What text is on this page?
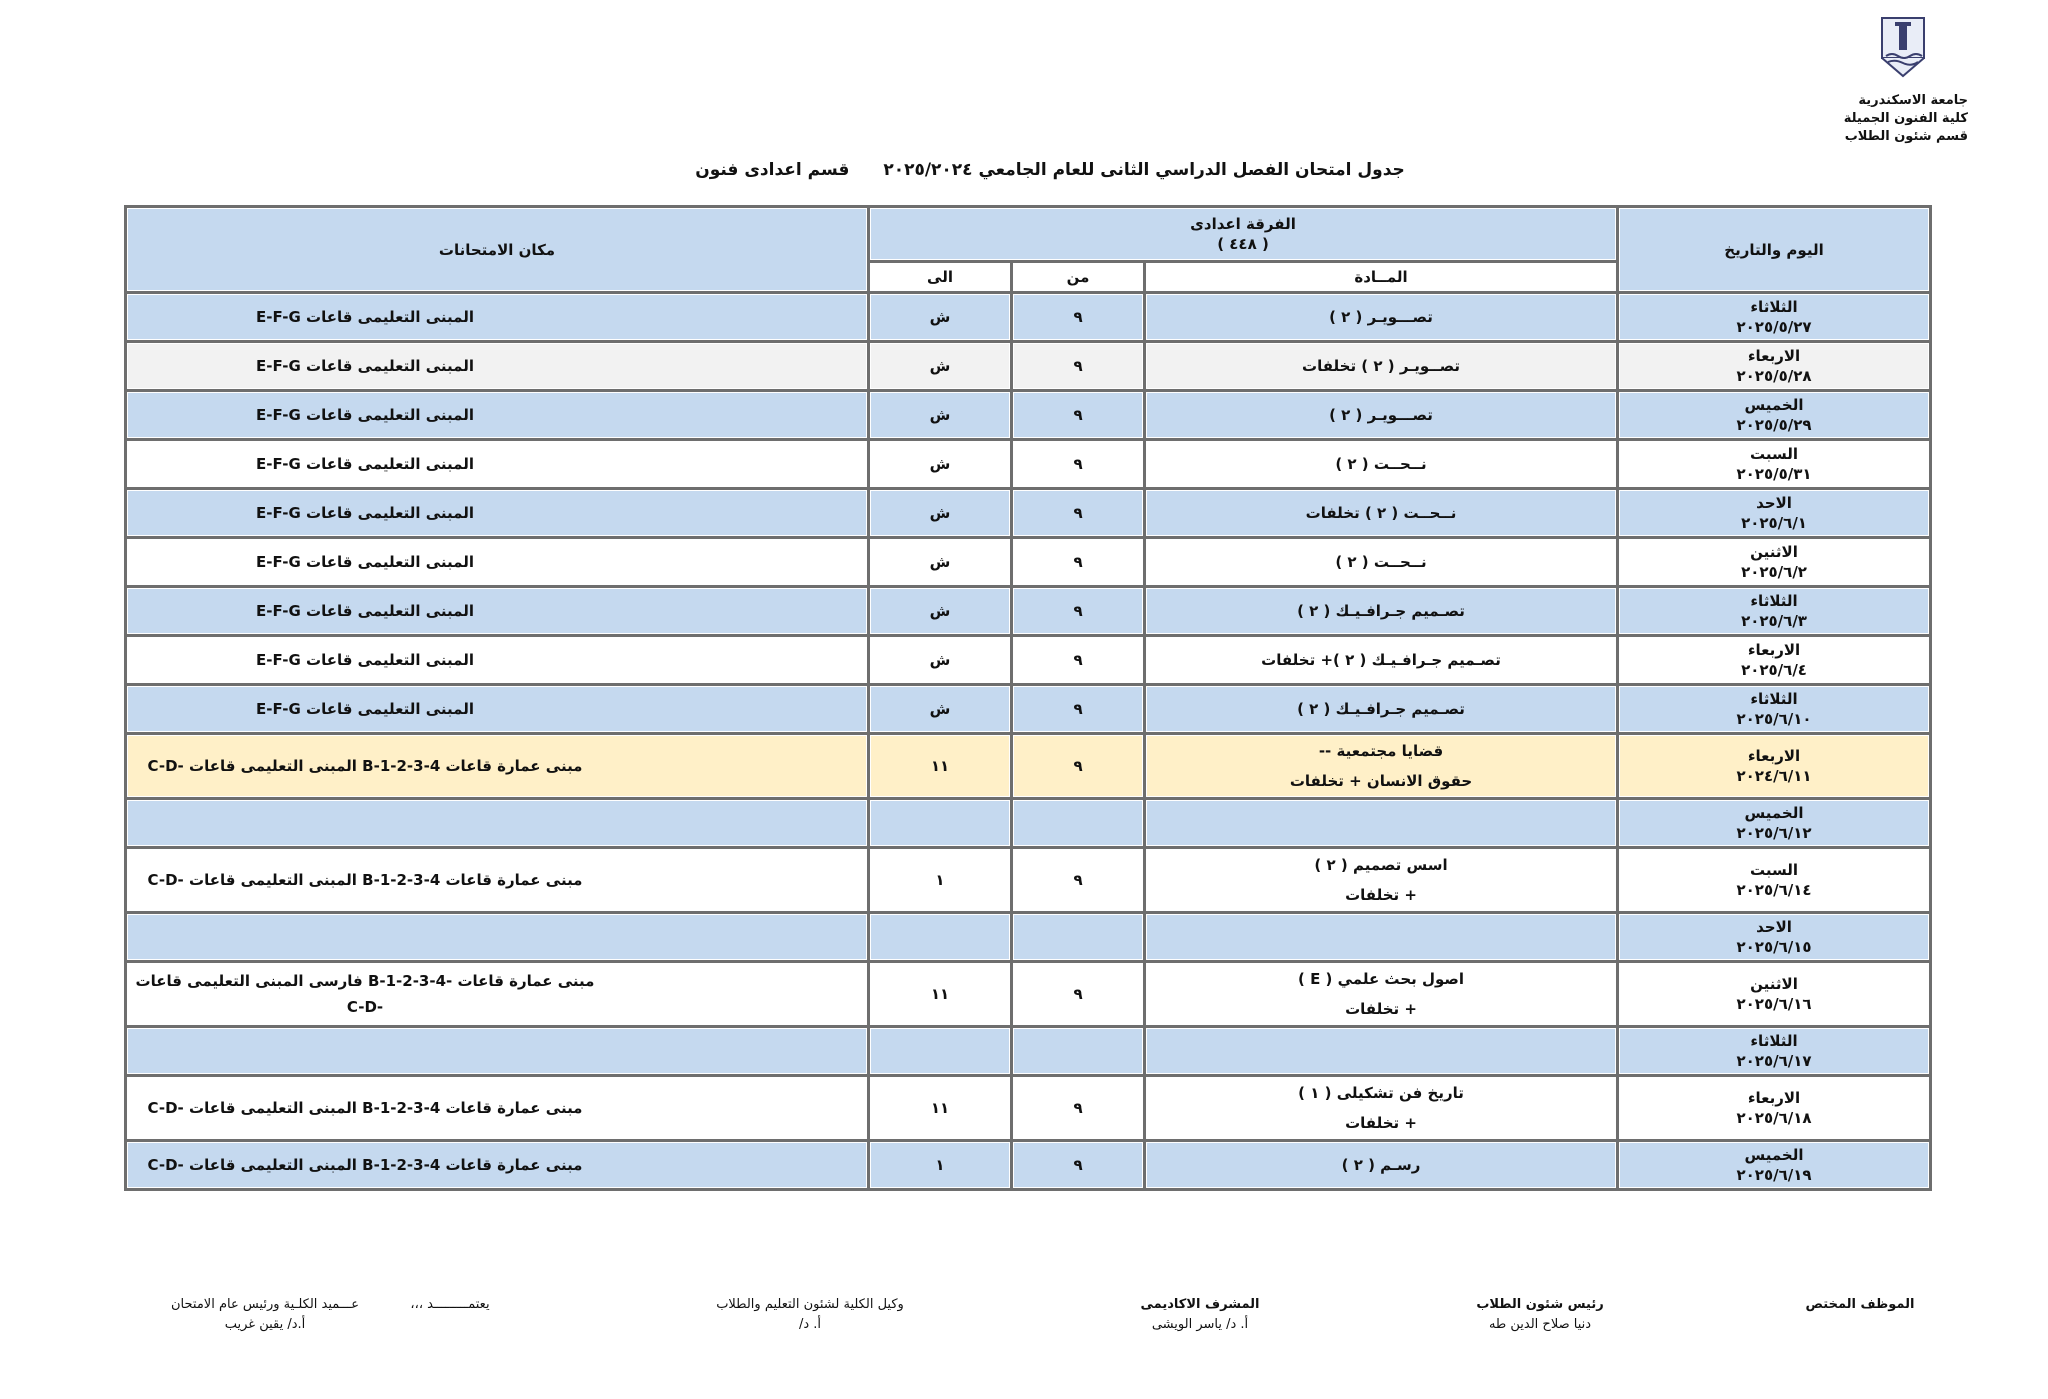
جامعة الاسكندرية
كلية الفنون الجميلة
قسم شئون الطلاب
جدول امتحان الفصل الدراسي الثانى للعام الجامعي ٢٠٢٥/٢٠٢٤ قسم اعدادى فنون
اليوم والتاريخ	الفرقة اعدادى
( ٤٤٨ )			مكان الامتحانات
	المــادة	من	الى	

الثلاثاء
٢٠٢٥/٥/٢٧	تصـــويـر ( ٢ )	٩	ش	المبنى التعليمى قاعات E-F-G

الاربعاء
٢٠٢٥/٥/٢٨	تصــويـر ( ٢ ) تخلفات	٩	ش	المبنى التعليمى قاعات E-F-G

الخميس
٢٠٢٥/٥/٢٩	تصـــويـر ( ٢ )	٩	ش	المبنى التعليمى قاعات E-F-G

السبت
٢٠٢٥/٥/٣١	نــحــت ( ٢ )	٩	ش	المبنى التعليمى قاعات E-F-G

الاحد
٢٠٢٥/٦/١	نــحــت ( ٢ ) تخلفات	٩	ش	المبنى التعليمى قاعات E-F-G

الاثنين
٢٠٢٥/٦/٢	نــحــت ( ٢ )	٩	ش	المبنى التعليمى قاعات E-F-G

الثلاثاء
٢٠٢٥/٦/٣	تصـميم جـرافـيـك ( ٢ )	٩	ش	المبنى التعليمى قاعات E-F-G

الاربعاء
٢٠٢٥/٦/٤	تصـميم جـرافـيـك ( ٢ )+ تخلفات	٩	ش	المبنى التعليمى قاعات E-F-G

الثلاثاء
٢٠٢٥/٦/١٠	تصـميم جـرافـيـك ( ٢ )	٩	ش	المبنى التعليمى قاعات E-F-G

الاربعاء
٢٠٢٤/٦/١١	قضايا مجتمعية --
حقوق الانسان + تخلفات	٩	١١	مبنى عمارة قاعات B-1-2-3-4 المبنى التعليمى قاعات -C-D

الخميس
٢٠٢٥/٦/١٢				

السبت
٢٠٢٥/٦/١٤	اسس تصميم ( ٢ )
+ تخلفات	٩	١	مبنى عمارة قاعات B-1-2-3-4 المبنى التعليمى قاعات -C-D

الاحد
٢٠٢٥/٦/١٥				

الاثنين
٢٠٢٥/٦/١٦	اصول بحث علمي ( E )
+ تخلفات	٩	١١	مبنى عمارة قاعات -B-1-2-3-4 فارسى المبنى التعليمى قاعات -C-D

الثلاثاء
٢٠٢٥/٦/١٧				

الاربعاء
٢٠٢٥/٦/١٨	تاريخ فن تشكيلى ( ١ )
+ تخلفات	٩	١١	مبنى عمارة قاعات B-1-2-3-4 المبنى التعليمى قاعات -C-D

الخميس
٢٠٢٥/٦/١٩	رسـم ( ٢ )	٩	١	مبنى عمارة قاعات B-1-2-3-4 المبنى التعليمى قاعات -C-D
الموظف المختص
رئيس شئون الطلاب
دنيا صلاح الدين طه
المشرف الاكاديمى
أ. د/ ياسر الويشى
وكيل الكلية لشئون التعليم والطلاب
أ. د/
يعتمـــــــــد ،،،
عـــميد الكلـية ورئيس عام الامتحان
أ.د/ يقين غريب
